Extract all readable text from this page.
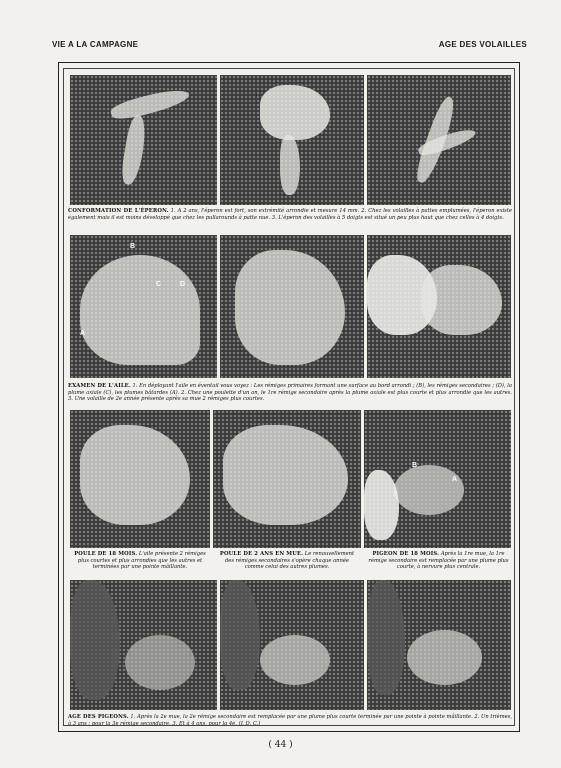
VIE A LA CAMPAGNE	AGE DES VOLAILLES
CONFORMATION DE L'ÉPERON. 1. A 2 ans, l'éperon est fort, son extrémité arrondie et mesure 14 mm. 2. Chez les volailles à pattes emplumées, l'éperon existe également mais il est moins développé que chez les pullarounds à patte nue. 3. L'éperon des volailles à 5 doigts est situé un peu plus haut que chez celles à 4 doigts.
B
A
C	D
EXAMEN DE L'AILE. 1. En déployant l'aile en éventail vous voyez : Les rémiges primaires formant une surface au bord arrondi ; (B), les rémiges secondaires ; (D), la plume axiale (C), les plumes bâtardes (A). 2. Chez une poulette d'un an, le 1re rémige secondaire après la plume axiale est plus courte et plus arrondie que les autres. 3. Une volaille de 2e année présente après sa mue 2 rémiges plus courtes.
B
A
POULE DE 18 MOIS. L'aile présente 2 rémiges plus courtes et plus arrondies que les autres et terminées par une pointe mâillante.
POULE DE 2 ANS EN MUE. Le renouvellement des rémiges secondaires s'opère chaque année comme celui des autres plumes.
PIGEON DE 18 MOIS. Après la 1re mue, la 1re rémige secondaire est remplacée par une plume plus courte, à nervure plus centrale.
AGE DES PIGEONS. 1. Après la 2e mue, la 2e rémige secondaire est remplacée par une plume plus courte terminée par une pointe à pointe mâillante. 2. Un trièmes, à 3 ans ; pour la 3e rémige secondaire. 3. Et à 4 ans, pour la 4e. (J. D. C.)
( 44 )
